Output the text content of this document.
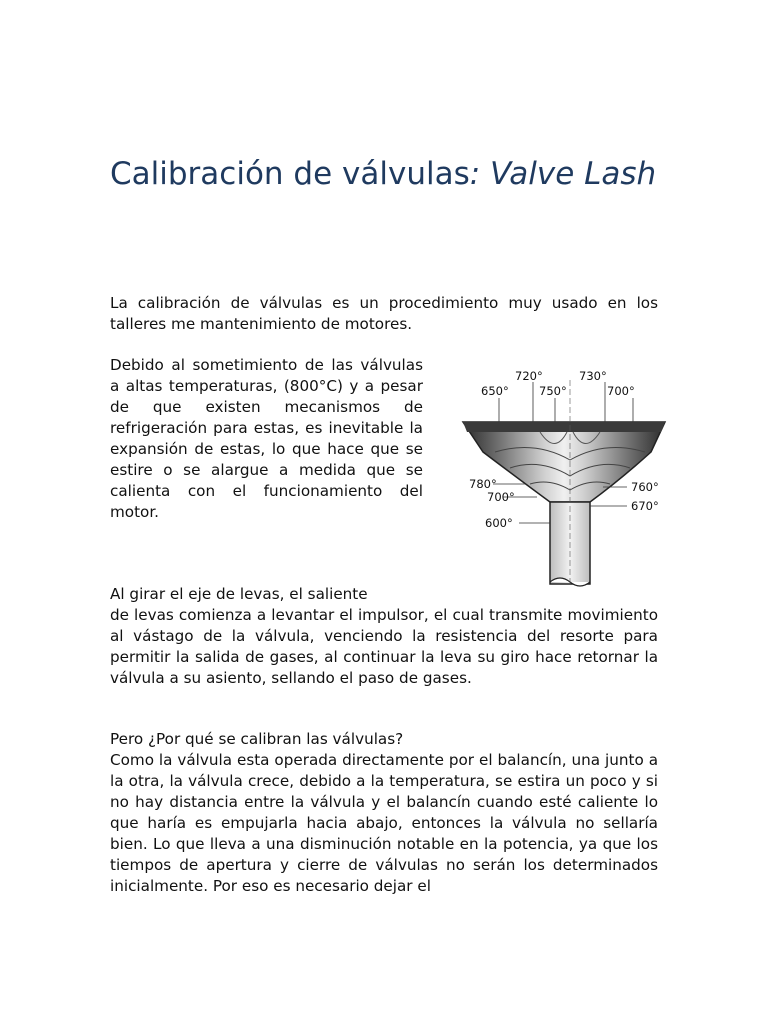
Calibración de válvulas: Valve Lash

La calibración de válvulas es un procedimiento muy usado en los talleres me mantenimiento de motores.

Debido al sometimiento de las válvulas a altas temperaturas, (800°C) y a pesar de que existen mecanismos de refrigeración para estas, es inevitable la expansión de estas, lo que hace que se estire o se alargue a medida que se calienta con el funcionamiento del motor.

650°
720°
750°
730°
700°
780°
700°
600°
760°
670°

Al girar el eje de levas, el saliente
de levas comienza a levantar el impulsor, el cual transmite movimiento al vástago de la válvula, venciendo la resistencia del resorte para permitir la salida de gases, al continuar la leva su giro hace retornar la válvula a su asiento, sellando el paso de gases.

Pero ¿Por qué se calibran las válvulas?
Como la válvula esta operada directamente por el balancín, una junto a la otra, la válvula crece, debido a la temperatura, se estira un poco y si no hay distancia entre la válvula y el balancín cuando esté caliente lo que haría es empujarla hacia abajo, entonces la válvula no sellaría bien. Lo que lleva a una disminución notable en la potencia, ya que los tiempos de apertura y cierre de válvulas no serán los determinados inicialmente. Por eso es necesario dejar el
